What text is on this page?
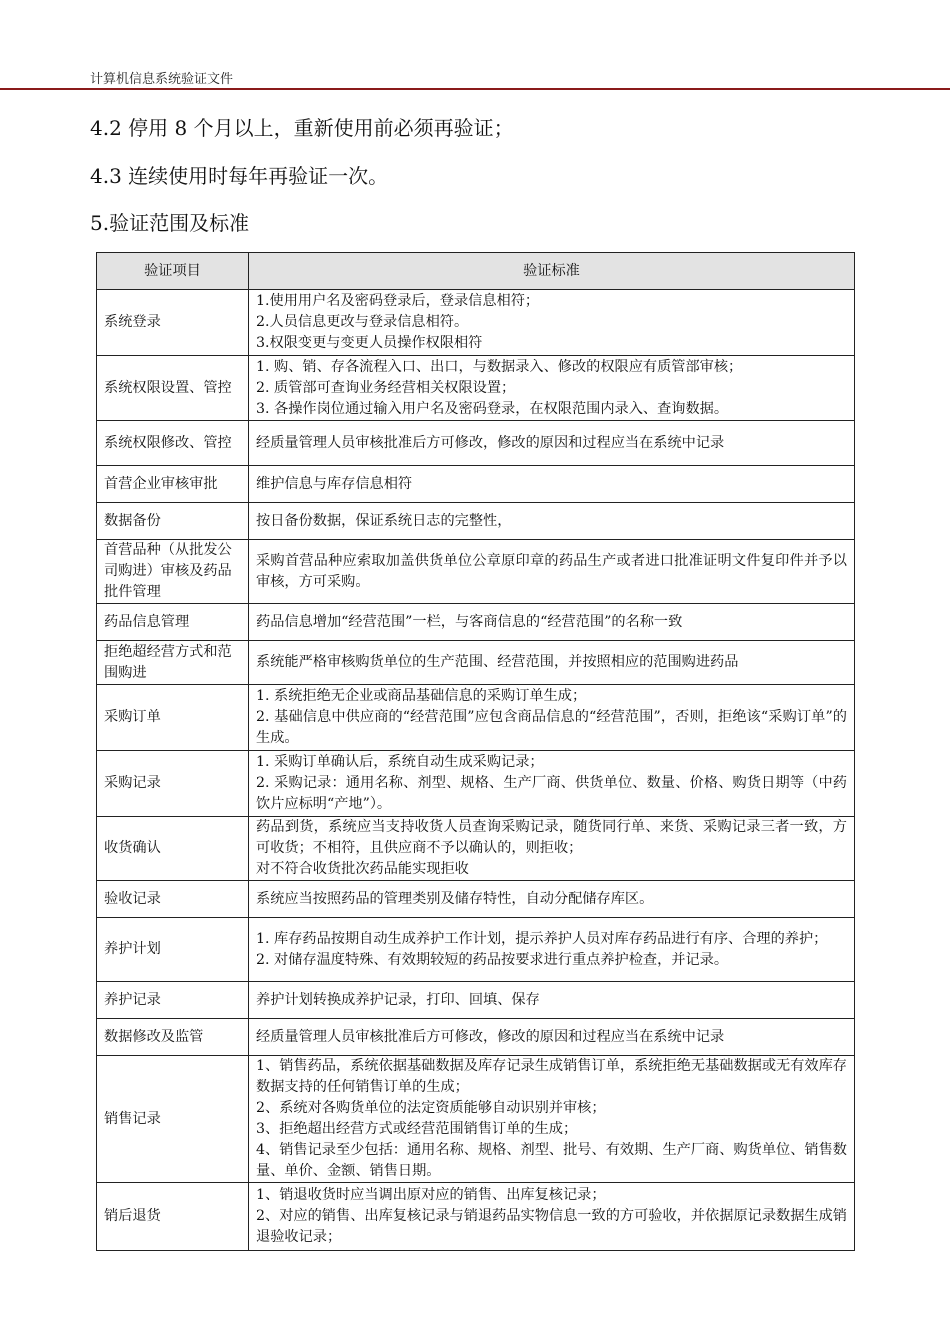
计算机信息系统验证文件
4.2 停用 8 个月以上，重新使用前必须再验证；
4.3 连续使用时每年再验证一次。
5.验证范围及标准
验证项目	验证标准
系统登录	1.使用用户名及密码登录后，登录信息相符；
2.人员信息更改与登录信息相符。
3.权限变更与变更人员操作权限相符

系统权限设置、管控	1. 购、销、存各流程入口、出口，与数据录入、修改的权限应有质管部审核；
2. 质管部可查询业务经营相关权限设置；
3. 各操作岗位通过输入用户名及密码登录，在权限范围内录入、查询数据。

系统权限修改、管控	经质量管理人员审核批准后方可修改，修改的原因和过程应当在系统中记录

首营企业审核审批	维护信息与库存信息相符

数据备份	按日备份数据，保证系统日志的完整性，

首营品种（从批发公司购进）审核及药品批件管理	采购首营品种应索取加盖供货单位公章原印章的药品生产或者进口批准证明文件复印件并予以审核，方可采购。

药品信息管理	药品信息增加“经营范围”一栏，与客商信息的“经营范围”的名称一致

拒绝超经营方式和范围购进	系统能严格审核购货单位的生产范围、经营范围，并按照相应的范围购进药品

采购订单	1. 系统拒绝无企业或商品基础信息的采购订单生成；
2. 基础信息中供应商的“经营范围”应包含商品信息的“经营范围”，否则，拒绝该“采购订单”的生成。

采购记录	1. 采购订单确认后，系统自动生成采购记录；
2. 采购记录：通用名称、剂型、规格、生产厂商、供货单位、数量、价格、购货日期等（中药饮片应标明“产地”）。

收货确认	药品到货，系统应当支持收货人员查询采购记录，随货同行单、来货、采购记录三者一致，方可收货；不相符，且供应商不予以确认的，则拒收；
对不符合收货批次药品能实现拒收

验收记录	系统应当按照药品的管理类别及储存特性，自动分配储存库区。

养护计划	1. 库存药品按期自动生成养护工作计划，提示养护人员对库存药品进行有序、合理的养护；
2. 对储存温度特殊、有效期较短的药品按要求进行重点养护检查，并记录。

养护记录	养护计划转换成养护记录，打印、回填、保存

数据修改及监管	经质量管理人员审核批准后方可修改，修改的原因和过程应当在系统中记录

销售记录	1、销售药品，系统依据基础数据及库存记录生成销售订单，系统拒绝无基础数据或无有效库存数据支持的任何销售订单的生成；
2、系统对各购货单位的法定资质能够自动识别并审核；
3、拒绝超出经营方式或经营范围销售订单的生成；
4、销售记录至少包括：通用名称、规格、剂型、批号、有效期、生产厂商、购货单位、销售数量、单价、金额、销售日期。

销后退货	1、销退收货时应当调出原对应的销售、出库复核记录；
2、对应的销售、出库复核记录与销退药品实物信息一致的方可验收，并依据原记录数据生成销退验收记录；
